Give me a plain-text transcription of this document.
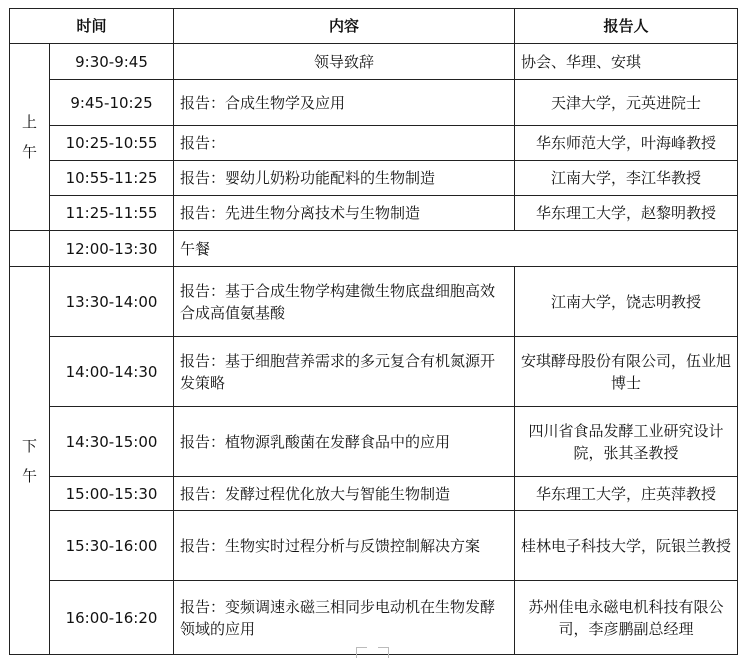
时间		内容	报告人
上午	9:30-9:45	领导致辞	协会、华理、安琪
	9:45-10:25	报告：合成生物学及应用	天津大学，元英进院士
	10:25-10:55	报告：	华东师范大学，叶海峰教授
	10:55-11:25	报告：婴幼儿奶粉功能配料的生物制造	江南大学，李江华教授
	11:25-11:55	报告：先进生物分离技术与生物制造	华东理工大学，赵黎明教授
	12:00-13:30	午餐	
下午	13:30-14:00	报告：基于合成生物学构建微生物底盘细胞高效合成高值氨基酸	江南大学，饶志明教授
	14:00-14:30	报告：基于细胞营养需求的多元复合有机氮源开发策略	安琪酵母股份有限公司，伍业旭博士
	14:30-15:00	报告：植物源乳酸菌在发酵食品中的应用	四川省食品发酵工业研究设计院，张其圣教授
	15:00-15:30	报告：发酵过程优化放大与智能生物制造	华东理工大学，庄英萍教授
	15:30-16:00	报告：生物实时过程分析与反馈控制解决方案	桂林电子科技大学，阮银兰教授
	16:00-16:20	报告：变频调速永磁三相同步电动机在生物发酵领域的应用	苏州佳电永磁电机科技有限公司，李彦鹏副总经理
